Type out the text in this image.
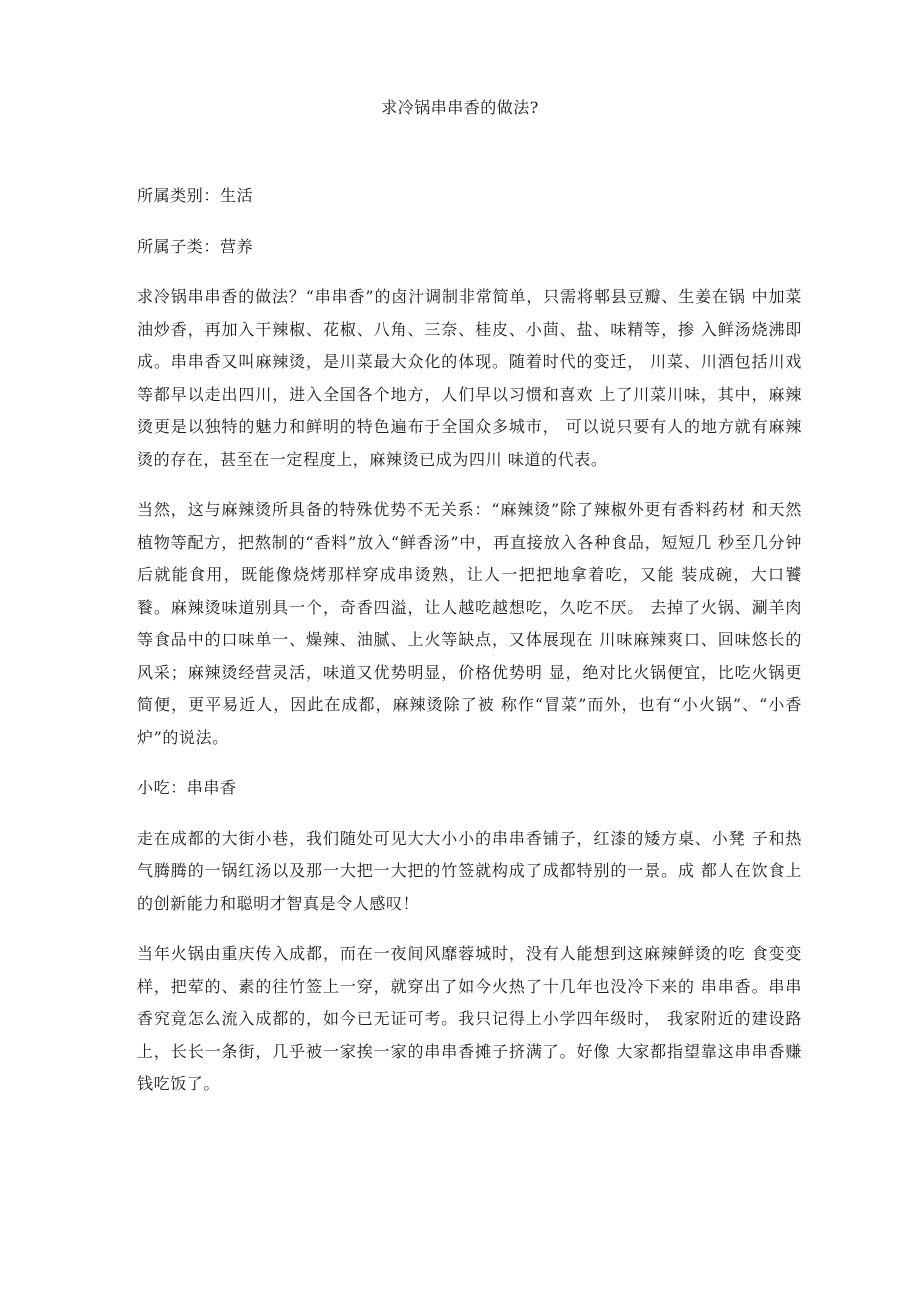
求冷锅串串香的做法?

所属类别：生活

所属子类：营养

求冷锅串串香的做法？“串串香”的卤汁调制非常简单，只需将郫县豆瓣、生姜在锅 中加菜油炒香，再加入干辣椒、花椒、八角、三奈、桂皮、小茴、盐、味精等，掺 入鲜汤烧沸即成。串串香又叫麻辣烫，是川菜最大众化的体现。随着时代的变迁， 川菜、川酒包括川戏等都早以走出四川，进入全国各个地方，人们早以习惯和喜欢 上了川菜川味，其中，麻辣烫更是以独特的魅力和鲜明的特色遍布于全国众多城市， 可以说只要有人的地方就有麻辣烫的存在，甚至在一定程度上，麻辣烫已成为四川 味道的代表。

当然，这与麻辣烫所具备的特殊优势不无关系：“麻辣烫”除了辣椒外更有香料药材 和天然植物等配方，把熬制的“香料”放入“鲜香汤”中，再直接放入各种食品，短短几 秒至几分钟后就能食用，既能像烧烤那样穿成串烫熟，让人一把把地拿着吃，又能 装成碗，大口饕餮。麻辣烫味道别具一个，奇香四溢，让人越吃越想吃，久吃不厌。 去掉了火锅、涮羊肉等食品中的口味单一、燥辣、油腻、上火等缺点，又体展现在 川味麻辣爽口、回味悠长的风采；麻辣烫经营灵活，味道又优势明显，价格优势明 显，绝对比火锅便宜，比吃火锅更简便，更平易近人，因此在成都，麻辣烫除了被 称作“冒菜”而外，也有“小火锅”、“小香炉”的说法。

小吃：串串香

走在成都的大街小巷，我们随处可见大大小小的串串香铺子，红漆的矮方桌、小凳 子和热气腾腾的一锅红汤以及那一大把一大把的竹签就构成了成都特别的一景。成 都人在饮食上的创新能力和聪明才智真是令人感叹！

当年火锅由重庆传入成都，而在一夜间风靡蓉城时，没有人能想到这麻辣鲜烫的吃 食变变样，把荤的、素的往竹签上一穿，就穿出了如今火热了十几年也没冷下来的 串串香。串串香究竟怎么流入成都的，如今已无证可考。我只记得上小学四年级时， 我家附近的建设路上，长长一条街，几乎被一家挨一家的串串香摊子挤满了。好像 大家都指望靠这串串香赚钱吃饭了。
